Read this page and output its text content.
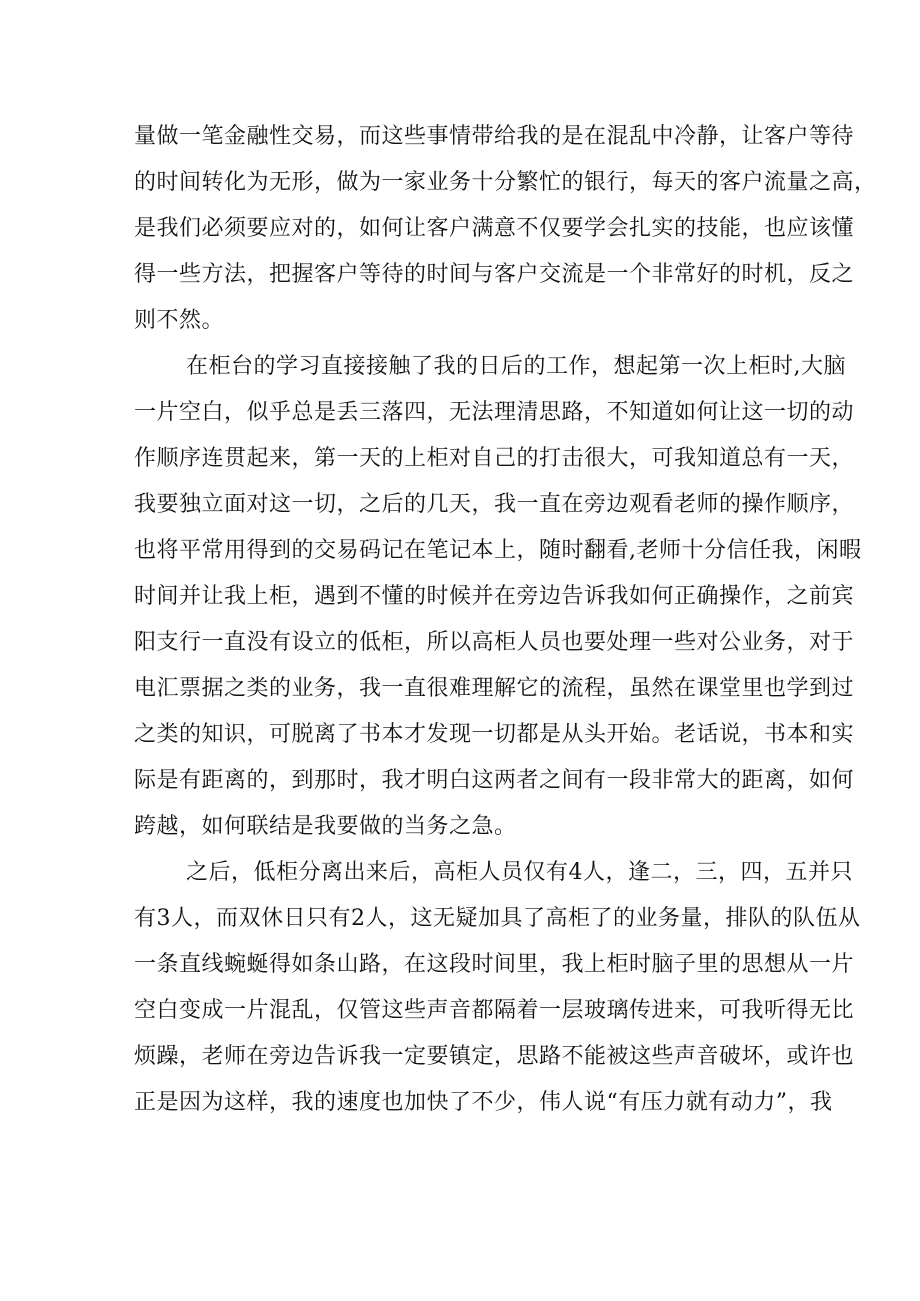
量做一笔金融性交易，而这些事情带给我的是在混乱中冷静，让客户等待
的时间转化为无形，做为一家业务十分繁忙的银行，每天的客户流量之高，
是我们必须要应对的，如何让客户满意不仅要学会扎实的技能，也应该懂
得一些方法，把握客户等待的时间与客户交流是一个非常好的时机，反之
则不然。
在柜台的学习直接接触了我的日后的工作，想起第一次上柜时,大脑
一片空白，似乎总是丢三落四，无法理清思路，不知道如何让这一切的动
作顺序连贯起来，第一天的上柜对自己的打击很大，可我知道总有一天，
我要独立面对这一切，之后的几天，我一直在旁边观看老师的操作顺序，
也将平常用得到的交易码记在笔记本上，随时翻看,老师十分信任我，闲暇
时间并让我上柜，遇到不懂的时候并在旁边告诉我如何正确操作，之前宾
阳支行一直没有设立的低柜，所以高柜人员也要处理一些对公业务，对于
电汇票据之类的业务，我一直很难理解它的流程，虽然在课堂里也学到过
之类的知识，可脱离了书本才发现一切都是从头开始。老话说，书本和实
际是有距离的，到那时，我才明白这两者之间有一段非常大的距离，如何
跨越，如何联结是我要做的当务之急。
之后，低柜分离出来后，高柜人员仅有4人，逢二，三，四，五并只
有3人，而双休日只有2人，这无疑加具了高柜了的业务量，排队的队伍从
一条直线蜿蜒得如条山路，在这段时间里，我上柜时脑子里的思想从一片
空白变成一片混乱，仅管这些声音都隔着一层玻璃传进来，可我听得无比
烦躁，老师在旁边告诉我一定要镇定，思路不能被这些声音破坏，或许也
正是因为这样，我的速度也加快了不少，伟人说“有压力就有动力”，我
